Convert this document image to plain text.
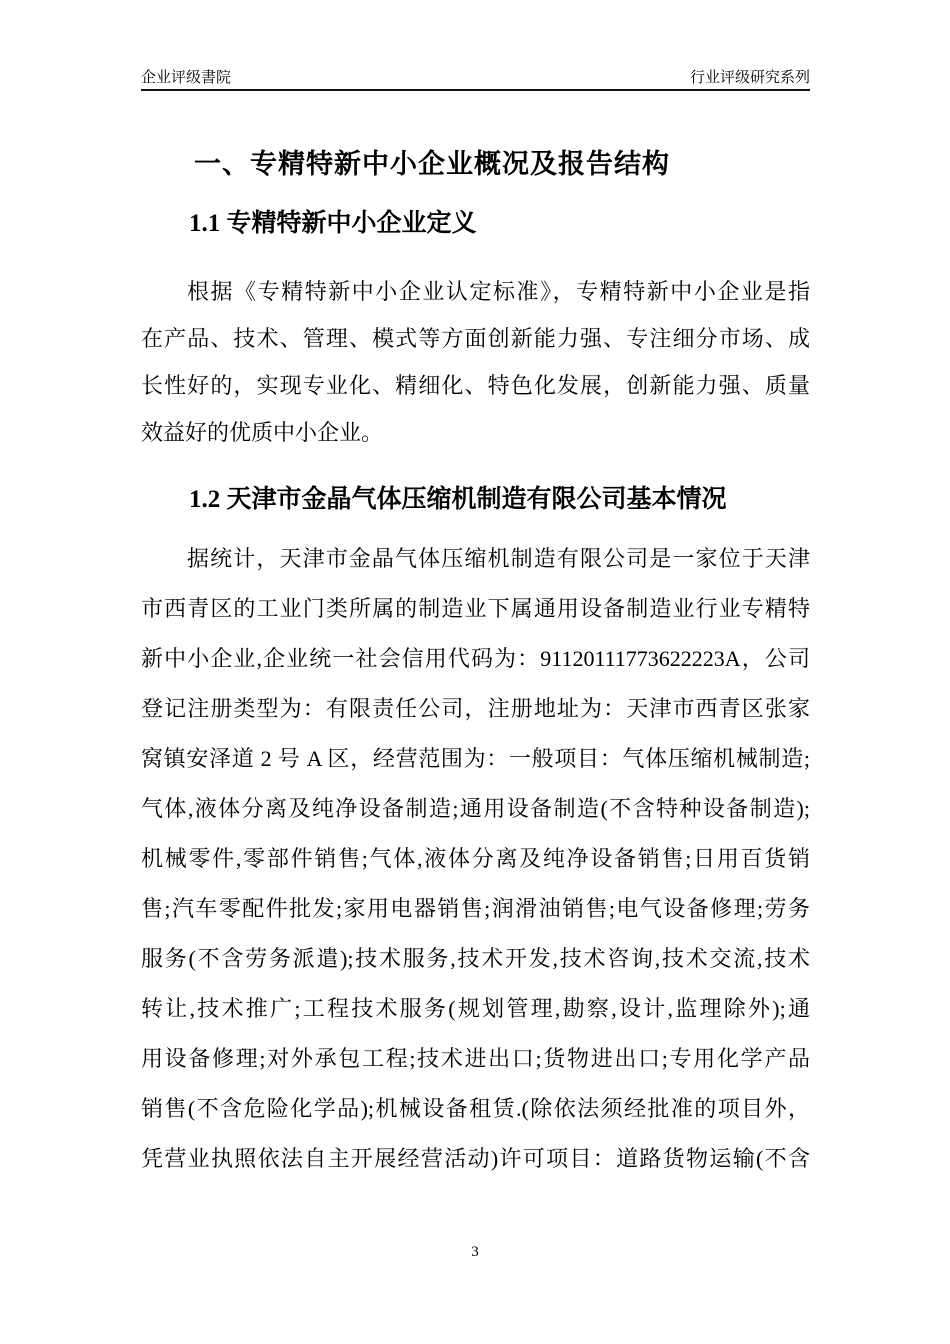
企业评级書院	行业评级研究系列
一、专精特新中小企业概况及报告结构
1.1 专精特新中小企业定义
根据《专精特新中小企业认定标准》，专精特新中小企业是指
在产品、技术、管理、模式等方面创新能力强、专注细分市场、成
长性好的，实现专业化、精细化、特色化发展，创新能力强、质量
效益好的优质中小企业。
1.2 天津市金晶气体压缩机制造有限公司基本情况
据统计，天津市金晶气体压缩机制造有限公司是一家位于天津
市西青区的工业门类所属的制造业下属通用设备制造业行业专精特
新中小企业,企业统一社会信用代码为：91120111773622223A，公司
登记注册类型为：有限责任公司，注册地址为：天津市西青区张家
窝镇安泽道 2 号 A 区，经营范围为：一般项目：气体压缩机械制造;
气体,液体分离及纯净设备制造;通用设备制造(不含特种设备制造);
机械零件,零部件销售;气体,液体分离及纯净设备销售;日用百货销
售;汽车零配件批发;家用电器销售;润滑油销售;电气设备修理;劳务
服务(不含劳务派遣);技术服务,技术开发,技术咨询,技术交流,技术
转让,技术推广;工程技术服务(规划管理,勘察,设计,监理除外);通
用设备修理;对外承包工程;技术进出口;货物进出口;专用化学产品
销售(不含危险化学品);机械设备租赁.(除依法须经批准的项目外，
凭营业执照依法自主开展经营活动)许可项目：道路货物运输(不含
3
